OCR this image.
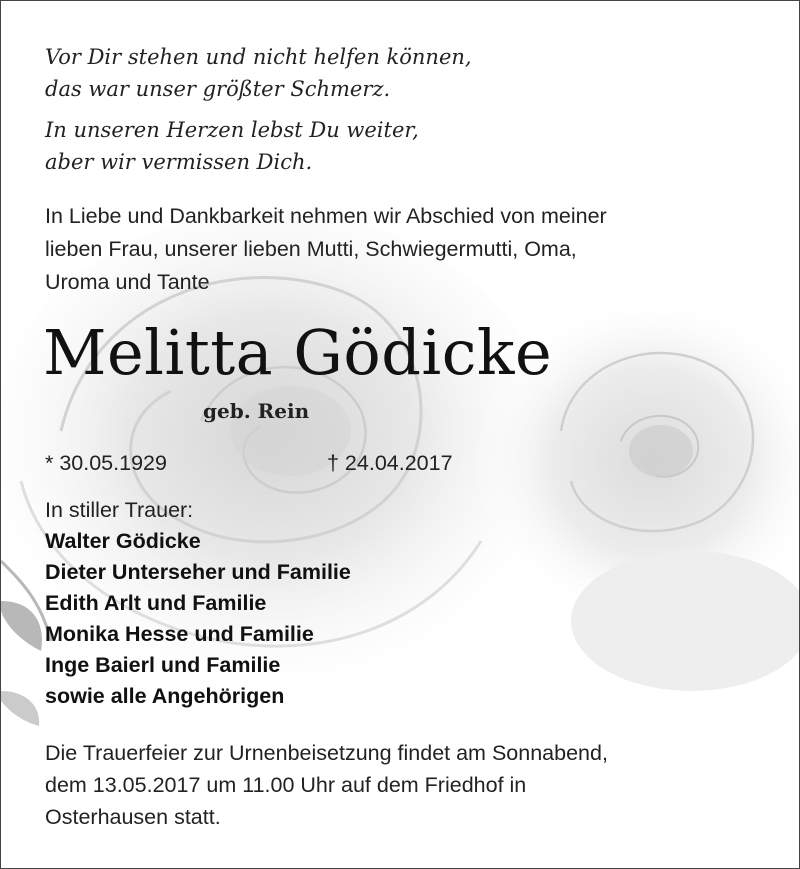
Vor Dir stehen und nicht helfen können,
das war unser größter Schmerz.
In unseren Herzen lebst Du weiter,
aber wir vermissen Dich.
In Liebe und Dankbarkeit nehmen wir Abschied von meiner
lieben Frau, unserer lieben Mutti, Schwiegermutti, Oma,
Uroma und Tante
Melitta Gödicke
geb. Rein
* 30.05.1929	† 24.04.2017
In stiller Trauer:
Walter Gödicke
Dieter Unterseher und Familie
Edith Arlt und Familie
Monika Hesse und Familie
Inge Baierl und Familie
sowie alle Angehörigen
Die Trauerfeier zur Urnenbeisetzung findet am Sonnabend,
dem 13.05.2017 um 11.00 Uhr auf dem Friedhof in
Osterhausen statt.
